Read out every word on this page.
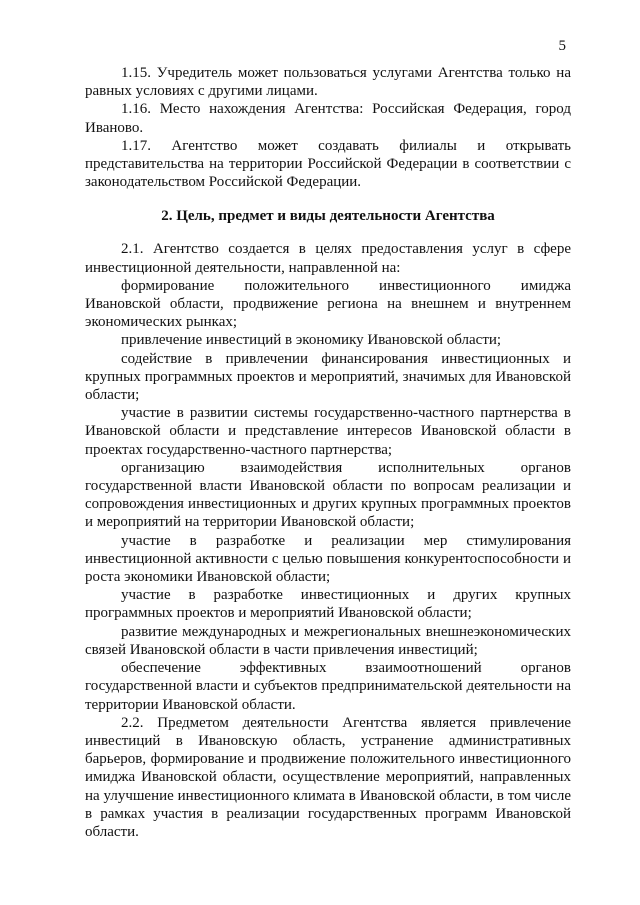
5

1.15. Учредитель может пользоваться услугами Агентства только на равных условиях с другими лицами.

1.16. Место нахождения Агентства: Российская Федерация, город Иваново.

1.17. Агентство может создавать филиалы и открывать представительства на территории Российской Федерации в соответствии с законодательством Российской Федерации.

2. Цель, предмет и виды деятельности Агентства

2.1. Агентство создается в целях предоставления услуг в сфере инвестиционной деятельности, направленной на:

формирование положительного инвестиционного имиджа Ивановской области, продвижение региона на внешнем и внутреннем экономических рынках;

привлечение инвестиций в экономику Ивановской области;

содействие в привлечении финансирования инвестиционных и крупных программных проектов и мероприятий, значимых для Ивановской области;

участие в развитии системы государственно-частного партнерства в Ивановской области и представление интересов Ивановской области в проектах государственно-частного партнерства;

организацию взаимодействия исполнительных органов государственной власти Ивановской области по вопросам реализации и сопровождения инвестиционных и других крупных программных проектов и мероприятий на территории Ивановской области;

участие в разработке и реализации мер стимулирования инвестиционной активности с целью повышения конкурентоспособности и роста экономики Ивановской области;

участие в разработке инвестиционных и других крупных программных проектов и мероприятий Ивановской области;

развитие международных и межрегиональных внешнеэкономических связей Ивановской области в части привлечения инвестиций;

обеспечение эффективных взаимоотношений органов государственной власти и субъектов предпринимательской деятельности на территории Ивановской области.

2.2. Предметом деятельности Агентства является привлечение инвестиций в Ивановскую область, устранение административных барьеров, формирование и продвижение положительного инвестиционного имиджа Ивановской области, осуществление мероприятий, направленных на улучшение инвестиционного климата в Ивановской области, в том числе в рамках участия в реализации государственных программ Ивановской области.
